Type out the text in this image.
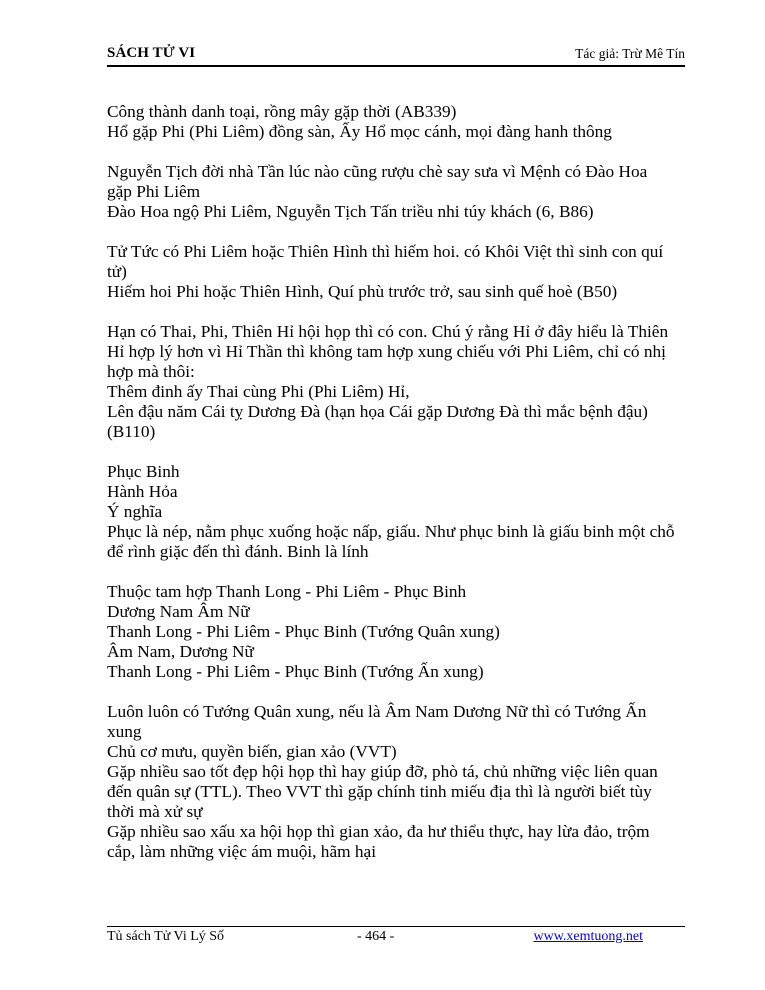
SÁCH TỬ VI	Tác giả: Trừ Mê Tín
Công thành danh toại, rồng mây gặp thời (AB339)
Hổ gặp Phi (Phi Liêm) đồng sàn, Ấy Hổ mọc cánh, mọi đàng hanh thông
Nguyễn Tịch đời nhà Tần lúc nào cũng rượu chè say sưa vì Mệnh có Đào Hoa
gặp Phi Liêm
Đào Hoa ngộ Phi Liêm, Nguyễn Tịch Tấn triều nhi túy khách (6, B86)
Tử Tức có Phi Liêm hoặc Thiên Hình thì hiếm hoi. có Khôi Việt thì sinh con quí
tử)
Hiếm hoi Phi hoặc Thiên Hình, Quí phù trước trở, sau sinh quế hoè (B50)
Hạn có Thai, Phi, Thiên Hỉ hội họp thì có con. Chú ý rằng Hỉ ở đây hiểu là Thiên
Hỉ hợp lý hơn vì Hỉ Thần thì không tam hợp xung chiếu với Phi Liêm, chỉ có nhị
hợp mà thôi:
Thêm đinh ấy Thai cùng Phi (Phi Liêm) Hỉ,
Lên đậu năm Cái tỵ Dương Đà (hạn họa Cái gặp Dương Đà thì mắc bệnh đậu)
(B110)
Phục Binh
Hành Hỏa
Ý nghĩa
Phục là nép, nằm phục xuống hoặc nấp, giấu. Như phục binh là giấu binh một chỗ
để rình giặc đến thì đánh. Binh là lính
Thuộc tam hợp Thanh Long - Phi Liêm - Phục Binh
Dương Nam Âm Nữ
Thanh Long - Phi Liêm - Phục Binh (Tướng Quân xung)
Âm Nam, Dương Nữ
Thanh Long - Phi Liêm - Phục Binh (Tướng Ấn xung)
Luôn luôn có Tướng Quân xung, nếu là Âm Nam Dương Nữ thì có Tướng Ấn
xung
Chủ cơ mưu, quyền biến, gian xảo (VVT)
Gặp nhiều sao tốt đẹp hội họp thì hay giúp đỡ, phò tá, chủ những việc liên quan
đến quân sự (TTL). Theo VVT thì gặp chính tinh miếu địa thì là người biết tùy
thời mà xử sự
Gặp nhiều sao xấu xa hội họp thì gian xảo, đa hư thiểu thực, hay lừa đảo, trộm
cắp, làm những việc ám muội, hãm hại
Tủ sách Tử Vi Lý Số	- 464 -	www.xemtuong.net
